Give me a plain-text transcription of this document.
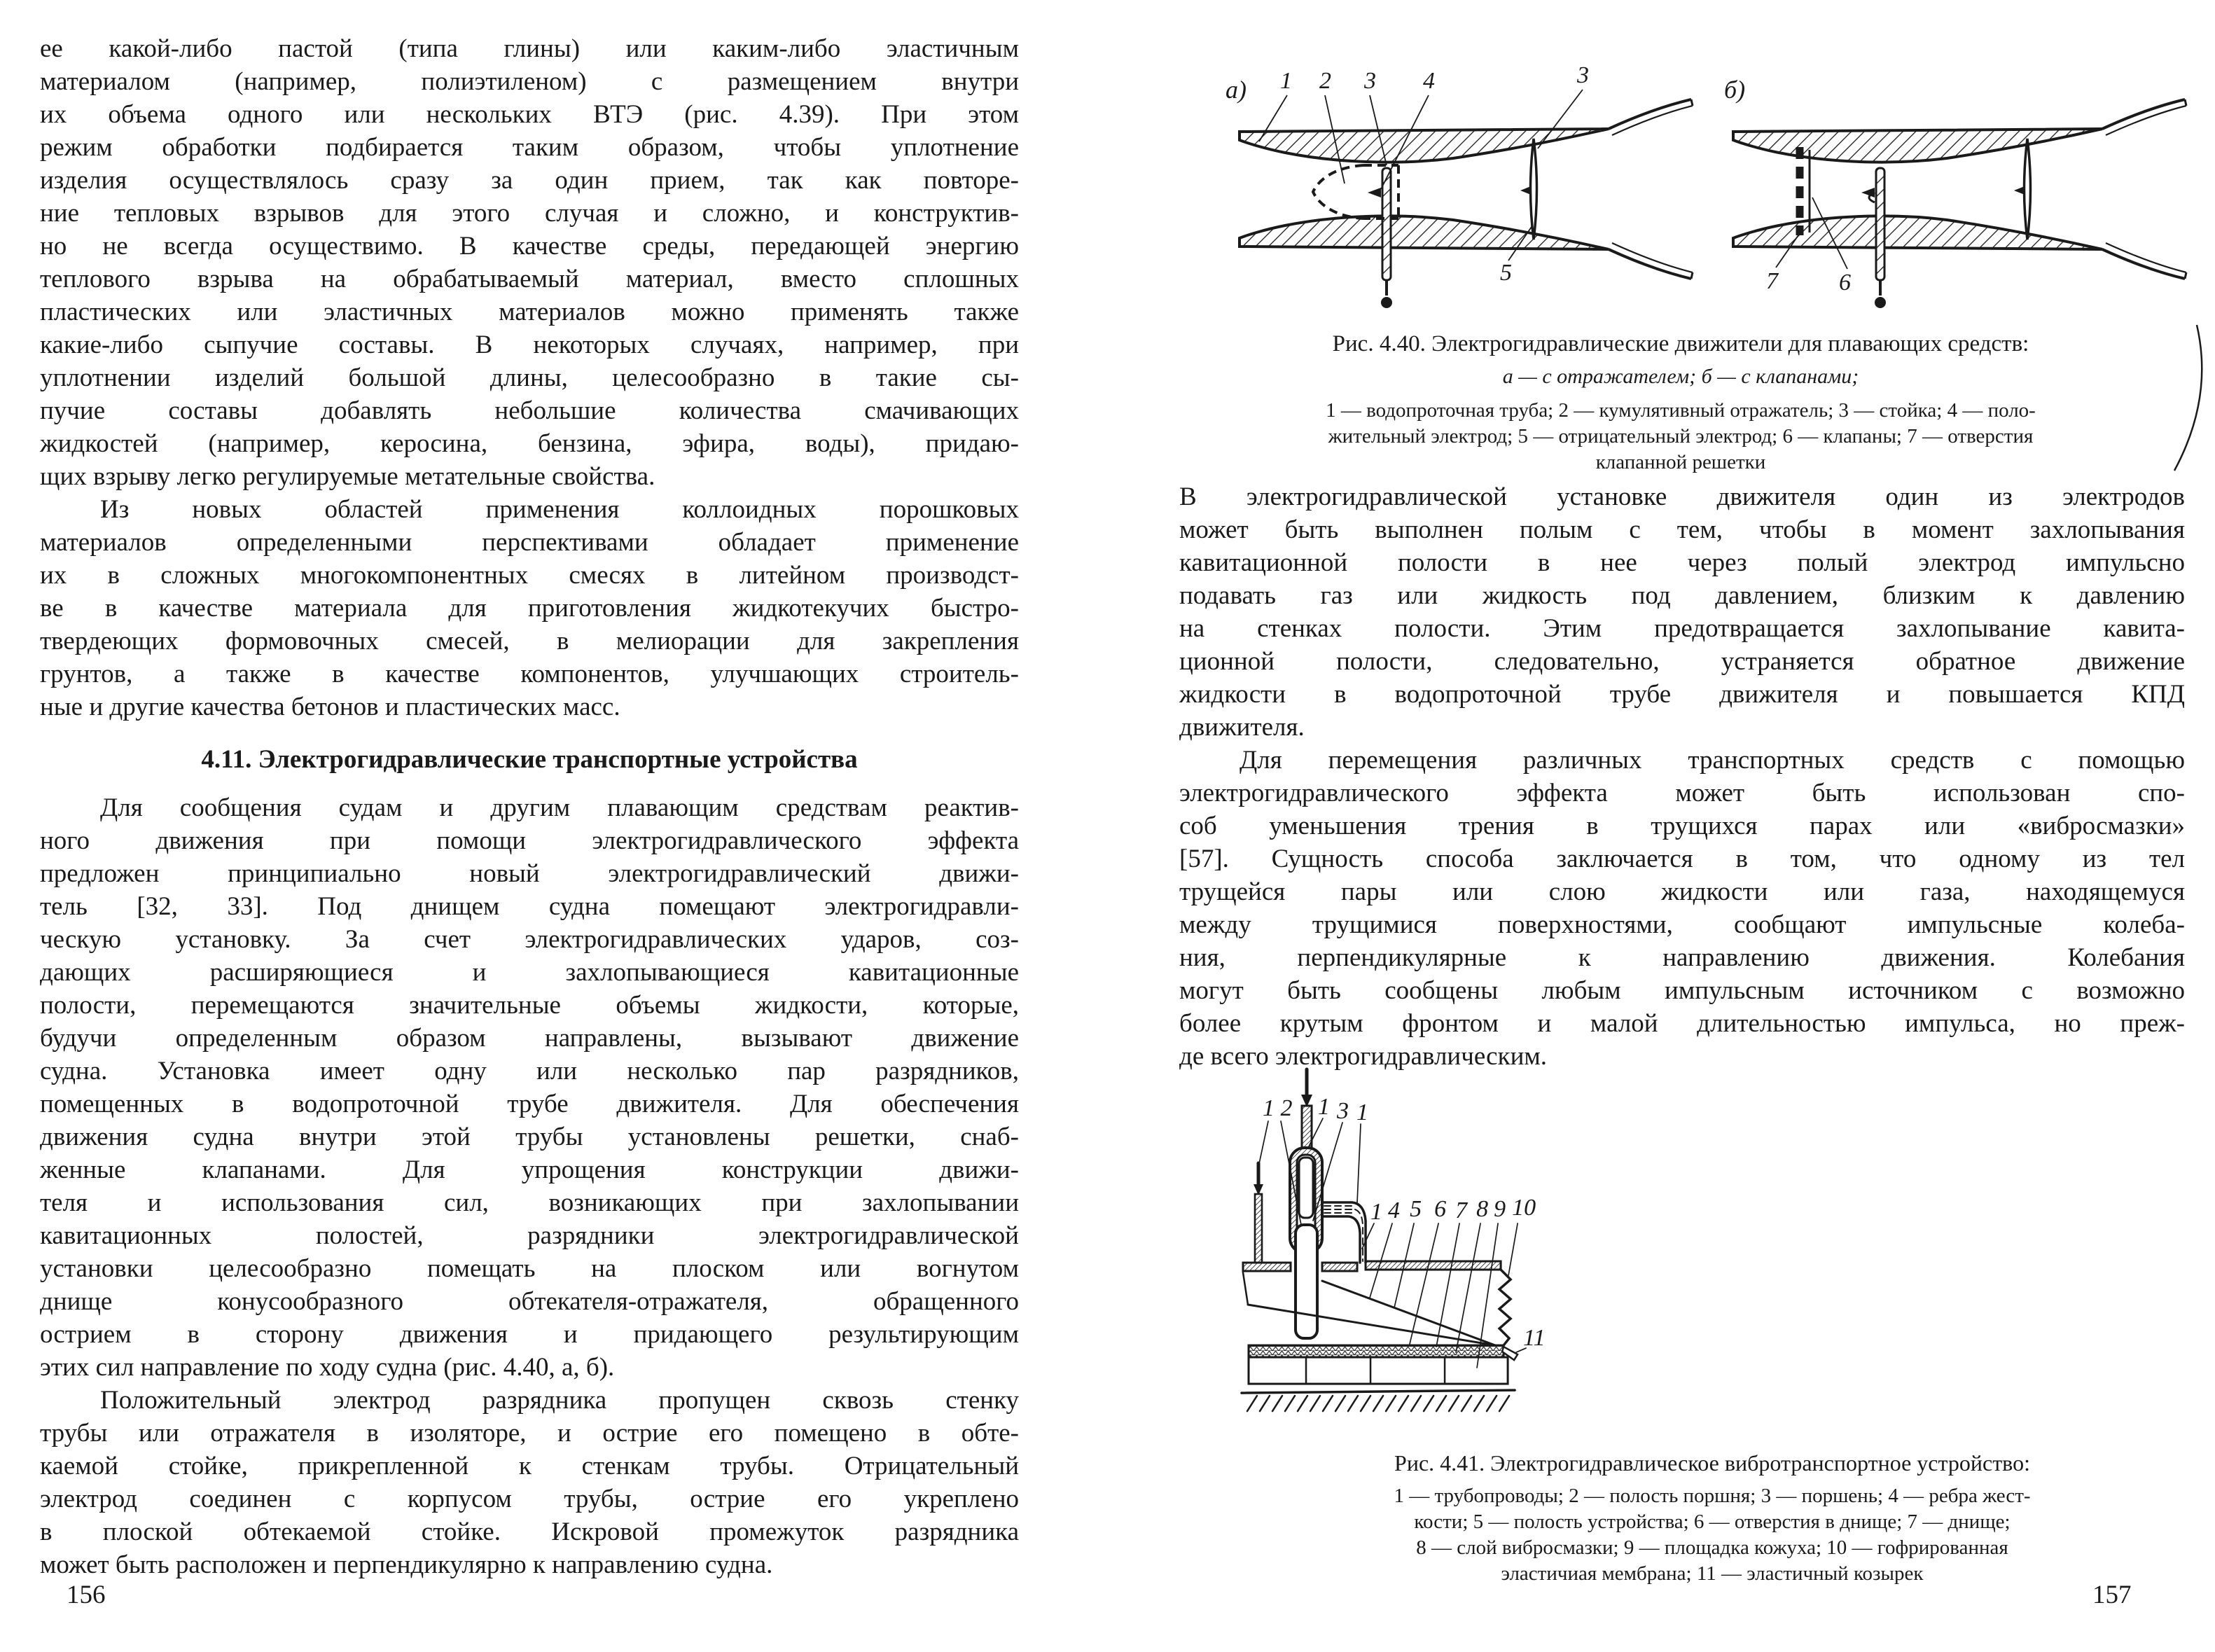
ее какой-либо пастой (типа глины) или каким-либо эластичным
материалом (например, полиэтиленом) с размещением внутри
их объема одного или нескольких ВТЭ (рис. 4.39). При этом
режим обработки подбирается таким образом, чтобы уплотнение
изделия осуществлялось сразу за один прием, так как повторе-
ние тепловых взрывов для этого случая и сложно, и конструктив-
но не всегда осуществимо. В качестве среды, передающей энергию
теплового взрыва на обрабатываемый материал, вместо сплошных
пластических или эластичных материалов можно применять также
какие-либо сыпучие составы. В некоторых случаях, например, при
уплотнении изделий большой длины, целесообразно в такие сы-
пучие составы добавлять небольшие количества смачивающих
жидкостей (например, керосина, бензина, эфира, воды), придаю-
щих взрыву легко регулируемые метательные свойства.
Из новых областей применения коллоидных порошковых
материалов определенными перспективами обладает применение
их в сложных многокомпонентных смесях в литейном производст-
ве в качестве материала для приготовления жидкотекучих быстро-
твердеющих формовочных смесей, в мелиорации для закрепления
грунтов, а также в качестве компонентов, улучшающих строитель-
ные и другие качества бетонов и пластических масс.
4.11. Электрогидравлические транспортные устройства
Для сообщения судам и другим плавающим средствам реактив-
ного движения при помощи электрогидравлического эффекта
предложен принципиально новый электрогидравлический движи-
тель [32, 33]. Под днищем судна помещают электрогидравли-
ческую установку. За счет электрогидравлических ударов, соз-
дающих расширяющиеся и захлопывающиеся кавитационные
полости, перемещаются значительные объемы жидкости, которые,
будучи определенным образом направлены, вызывают движение
судна. Установка имеет одну или несколько пар разрядников,
помещенных в водопроточной трубе движителя. Для обеспечения
движения судна внутри этой трубы установлены решетки, снаб-
женные клапанами. Для упрощения конструкции движи-
теля и использования сил, возникающих при захлопывании
кавитационных полостей, разрядники электрогидравлической
установки целесообразно помещать на плоском или вогнутом
днище конусообразного обтекателя-отражателя, обращенного
острием в сторону движения и придающего результирующим
этих сил направление по ходу судна (рис. 4.40, а, б).
Положительный электрод разрядника пропущен сквозь стенку
трубы или отражателя в изоляторе, и острие его помещено в обте-
каемой стойке, прикрепленной к стенкам трубы. Отрицательный
электрод соединен с корпусом трубы, острие его укреплено
в плоской обтекаемой стойке. Искровой промежуток разрядника
может быть расположен и перпендикулярно к направлению судна.
156
а) 1 2 3 4	3
5
б)
7	6
Рис. 4.40. Электрогидравлические движители для плавающих средств:
а — с отражателем; б — с клапанами;
1 — водопроточная труба; 2 — кумулятивный отражатель; 3 — стойка; 4 — поло-
жительный электрод; 5 — отрицательный электрод; 6 — клапаны; 7 — отверстия
клапанной решетки
В электрогидравлической установке движителя один из электродов
может быть выполнен полым с тем, чтобы в момент захлопывания
кавитационной полости в нее через полый электрод импульсно
подавать газ или жидкость под давлением, близким к давлению
на стенках полости. Этим предотвращается захлопывание кавита-
ционной полости, следовательно, устраняется обратное движение
жидкости в водопроточной трубе движителя и повышается КПД
движителя.
Для перемещения различных транспортных средств с помощью
электрогидравлического эффекта может быть использован спо-
соб уменьшения трения в трущихся парах или «вибросмазки»
[57]. Сущность способа заключается в том, что одному из тел
трущейся пары или слою жидкости или газа, находящемуся
между трущимися поверхностями, сообщают импульсные колеба-
ния, перпендикулярные к направлению движения. Колебания
могут быть сообщены любым импульсным источником с возможно
более крутым фронтом и малой длительностью импульса, но преж-
де всего электрогидравлическим.
1 2 1 3 1
1 4 5 6 7 8 9 10
11
Рис. 4.41. Электрогидравлическое вибротранспортное устройство:
1 — трубопроводы; 2 — полость поршня; 3 — поршень; 4 — ребра жест-
кости; 5 — полость устройства; 6 — отверстия в днище; 7 — днище;
8 — слой вибросмазки; 9 — площадка кожуха; 10 — гофрированная
эластичиая мембрана; 11 — эластичный козырек
157
